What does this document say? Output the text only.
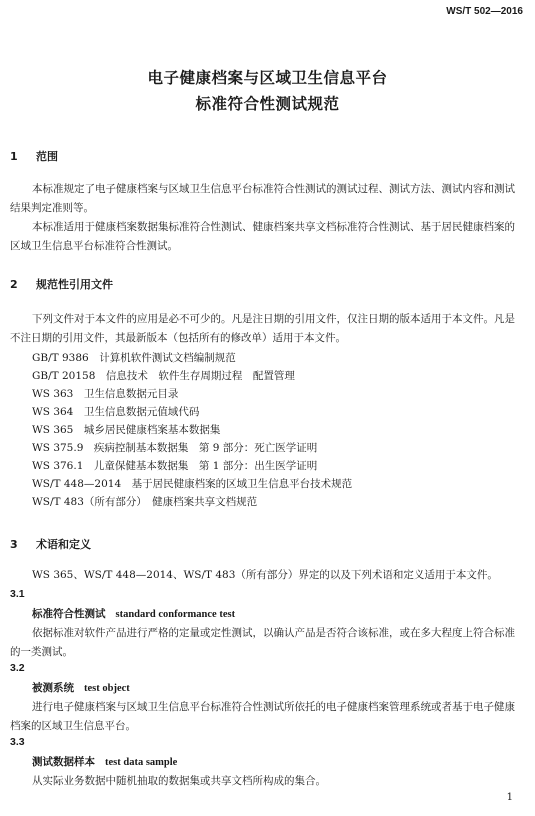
WS/T 502—2016
电子健康档案与区域卫生信息平台
标准符合性测试规范
1 范围
本标准规定了电子健康档案与区域卫生信息平台标准符合性测试的测试过程、测试方法、测试内容和测试结果判定准则等。
本标准适用于健康档案数据集标准符合性测试、健康档案共享文档标准符合性测试、基于居民健康档案的区域卫生信息平台标准符合性测试。
2 规范性引用文件
下列文件对于本文件的应用是必不可少的。凡是注日期的引用文件，仅注日期的版本适用于本文件。凡是不注日期的引用文件，其最新版本（包括所有的修改单）适用于本文件。
GB/T 9386　计算机软件测试文档编制规范
GB/T 20158　信息技术　软件生存周期过程　配置管理
WS 363　卫生信息数据元目录
WS 364　卫生信息数据元值域代码
WS 365　城乡居民健康档案基本数据集
WS 375.9　疾病控制基本数据集　第 9 部分：死亡医学证明
WS 376.1　儿童保健基本数据集　第 1 部分：出生医学证明
WS/T 448—2014　基于居民健康档案的区域卫生信息平台技术规范
WS/T 483（所有部分）　健康档案共享文档规范
3 术语和定义
WS 365、WS/T 448—2014、WS/T 483（所有部分）界定的以及下列术语和定义适用于本文件。
3.1
标准符合性测试 standard conformance test
依据标准对软件产品进行严格的定量或定性测试，以确认产品是否符合该标准，或在多大程度上符合标准的一类测试。
3.2
被测系统 test object
进行电子健康档案与区域卫生信息平台标准符合性测试所依托的电子健康档案管理系统或者基于电子健康档案的区域卫生信息平台。
3.3
测试数据样本 test data sample
从实际业务数据中随机抽取的数据集或共享文档所构成的集合。
1
